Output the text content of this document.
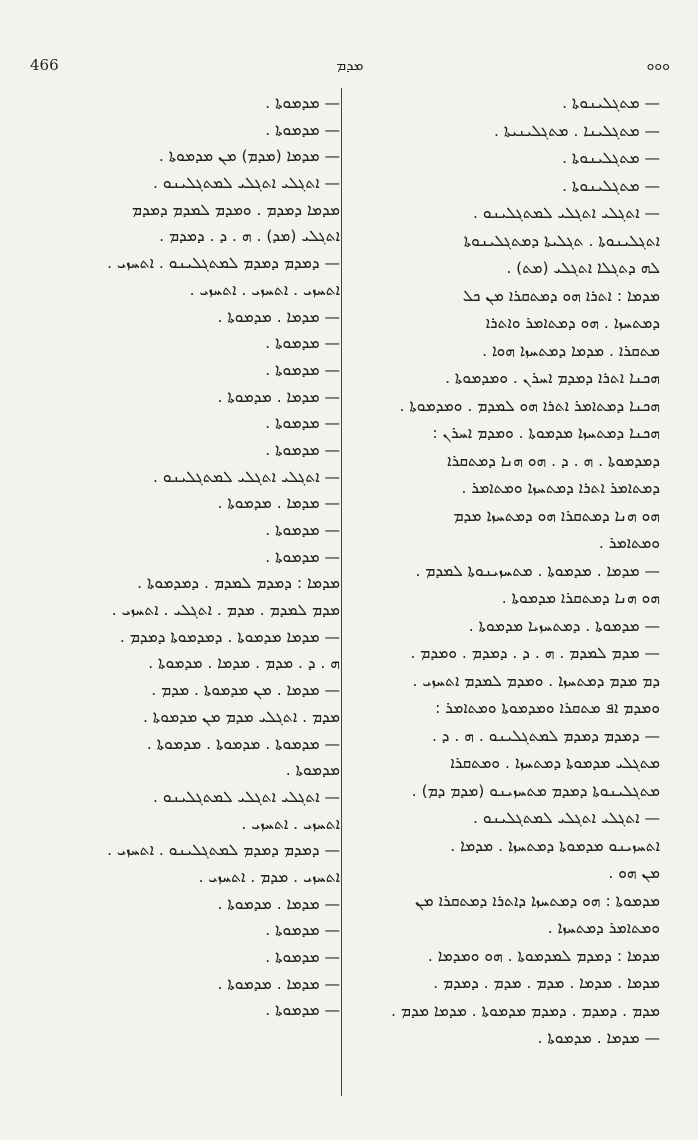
466	ܡܕܡ	ܘܘܘ
— ܡܬܓܠܝܢܘܬܐ .
— ܡܬܓܠܝܢܐ . ܡܬܓܠܝܢܝܬܐ .
— ܡܬܓܠܝܢܘܬܐ .
— ܡܬܓܠܝܢܘܬܐ .
— ܐܬܓܠܝ ܐܬܓܠܝ ܠܡܬܓܠܝܢܘ .
ܐܬܓܠܝܢܘܬܐ . ܬܓܠܝܬܐ ܕܡܬܓܠܝܢܘܬܐ
ܠܗ ܕܬܓܠܐ ܐܬܓܠܝ (ܡܬ) .
ܡܕܡܐ : ܐܬܪܐ ܗܘ ܕܡܬܩܪܐ ܡܢ ܟܠ
ܕܡܬܚܙܐ . ܗܘ ܕܡܬܐܡܪ ܘܐܬܪܐ
ܡܬܩܪܐ . ܡܕܡܐ ܕܡܬܚܙܐ ܗܘܐ .
ܗܟܢܐ ܐܬܪܐ ܕܡܕܡ ܐܚܪܢ . ܘܡܕܡܘܬܐ .
ܗܟܢܐ ܕܡܬܐܡܪ ܐܬܪܐ ܗܘ ܠܡܕܡ . ܘܡܕܡܘܬܐ .
ܗܟܢܐ ܕܡܬܚܙܐ ܡܕܡܘܬܐ . ܘܡܕܡ ܐܚܪܢ :
ܕܡܕܡܘܬܐ . ܗ . ܕ . ܗܘ ܗܢܐ ܕܡܬܩܪܐ
ܕܡܬܐܡܪ ܐܬܪܐ ܕܡܬܚܙܐ ܘܡܬܐܡܪ .
ܗܘ ܗܢܐ ܕܡܬܩܪܐ ܗܘ ܕܡܬܚܙܐ ܡܕܡ
ܘܡܬܐܡܪ .
— ܡܕܡܐ . ܡܕܡܘܬܐ . ܡܬܚܙܝܢܘܬܐ ܠܡܕܡ .
ܗܘ ܗܢܐ ܕܡܬܩܪܐ ܡܕܡܘܬܐ .
— ܡܕܡܘܬܐ . ܕܡܬܚܙܝܐ ܡܕܡܘܬܐ .
— ܡܕܡ ܠܡܕܡ . ܗ . ܕ . ܕܡܕܡ . ܘܡܕܡ .
ܕܡ ܡܕܡ ܕܡܬܚܙܐ . ܘܡܕܡ ܠܡܕܡ ܐܬܚܙܝ .
ܘܡܕܡ ܐܦ ܡܬܩܪܐ ܘܡܕܡܘܬܐ ܘܡܬܐܡܪ :
— ܕܡܕܡ ܕܡܕܡ ܠܡܬܓܠܝܢܘ . ܗ . ܕ .
ܡܬܓܠܝ ܡܕܡܘܬܐ ܕܡܬܚܙܐ . ܘܡܬܩܪܐ
ܡܬܓܠܝܢܘܬܐ ܕܡܕܡ ܡܬܚܙܝܢܘ (ܡܕܡ ܕܡ) .
— ܐܬܓܠܝ ܐܬܓܠܝ ܠܡܬܓܠܝܢܘ .
ܐܬܚܙܝܢܘ ܡܕܡܘܬܐ ܕܡܬܚܙܐ . ܡܕܡܐ .
ܡܢ ܗܘ .
ܡܕܡܘܬܐ : ܗܘ ܕܡܬܚܙܐ ܕܐܬܪܐ ܕܡܬܩܪܐ ܡܢ
ܘܡܬܐܡܪ ܕܡܬܚܙܐ .
ܡܕܡܐ : ܕܡܕܡ ܠܡܕܡܘܬܐ . ܗܘ ܘܡܕܡܐ .
ܡܕܡܐ . ܡܕܡܐ . ܡܕܡ . ܡܕܡ . ܕܡܕܡ .
ܡܕܡ . ܕܡܕܡ . ܕܡܕܡ ܡܕܡܘܬܐ . ܡܕܡܐ ܡܕܡ .
— ܡܕܡܐ . ܡܕܡܘܬܐ .
— ܡܕܡܘܬܐ .
— ܡܕܡܘܬܐ .
— ܡܕܡܐ (ܡܕܡ) ܡܢ ܡܕܡܘܬܐ .
— ܐܬܓܠܝ ܐܬܓܠܝ ܠܡܬܓܠܝܢܘ .
ܡܕܡܐ ܕܡܕܡ . ܘܡܕܡ ܠܡܕܡ ܕܡܕܡ
ܐܬܓܠܝ (ܡܕ) . ܗ . ܕ . ܕܡܕܡ .
— ܕܡܕܡ ܕܡܕܡ ܠܡܬܓܠܝܢܘ . ܐܬܚܙܝ .
ܐܬܚܙܝ . ܐܬܚܙܝ . ܐܬܚܙܝ .
— ܡܕܡܐ . ܡܕܡܘܬܐ .
— ܡܕܡܘܬܐ .
— ܡܕܡܘܬܐ .
— ܡܕܡܐ . ܡܕܡܘܬܐ .
— ܡܕܡܘܬܐ .
— ܡܕܡܘܬܐ .
— ܐܬܓܠܝ ܐܬܓܠܝ ܠܡܬܓܠܝܢܘ .
— ܡܕܡܐ . ܡܕܡܘܬܐ .
— ܡܕܡܘܬܐ .
— ܡܕܡܘܬܐ .
ܡܕܡܐ : ܕܡܕܡ ܠܡܕܡ . ܕܡܕܡܘܬܐ .
ܡܕܡ ܠܡܕܡ . ܡܕܡ . ܐܬܓܠܝ . ܐܬܚܙܝ .
— ܡܕܡܐ ܡܕܡܘܬܐ . ܕܡܕܡܘܬܐ ܕܡܕܡ .
ܗ . ܕ . ܡܕܡ . ܡܕܡܐ . ܡܕܡܘܬܐ .
— ܡܕܡܐ . ܡܢ ܡܕܡܘܬܐ . ܡܕܡ .
ܡܕܡ . ܐܬܓܠܝ ܡܕܡ ܡܢ ܡܕܡܘܬܐ .
— ܡܕܡܘܬܐ . ܡܕܡܘܬܐ . ܡܕܡܘܬܐ .
ܡܕܡܘܬܐ .
— ܐܬܓܠܝ ܐܬܓܠܝ ܠܡܬܓܠܝܢܘ .
ܐܬܚܙܝ . ܐܬܚܙܝ .
— ܕܡܕܡ ܕܡܕܡ ܠܡܬܓܠܝܢܘ . ܐܬܚܙܝ .
ܐܬܚܙܝ . ܡܕܡ . ܐܬܚܙܝ .
— ܡܕܡܐ . ܡܕܡܘܬܐ .
— ܡܕܡܘܬܐ .
— ܡܕܡܘܬܐ .
— ܡܕܡܐ . ܡܕܡܘܬܐ .
— ܡܕܡܘܬܐ .
